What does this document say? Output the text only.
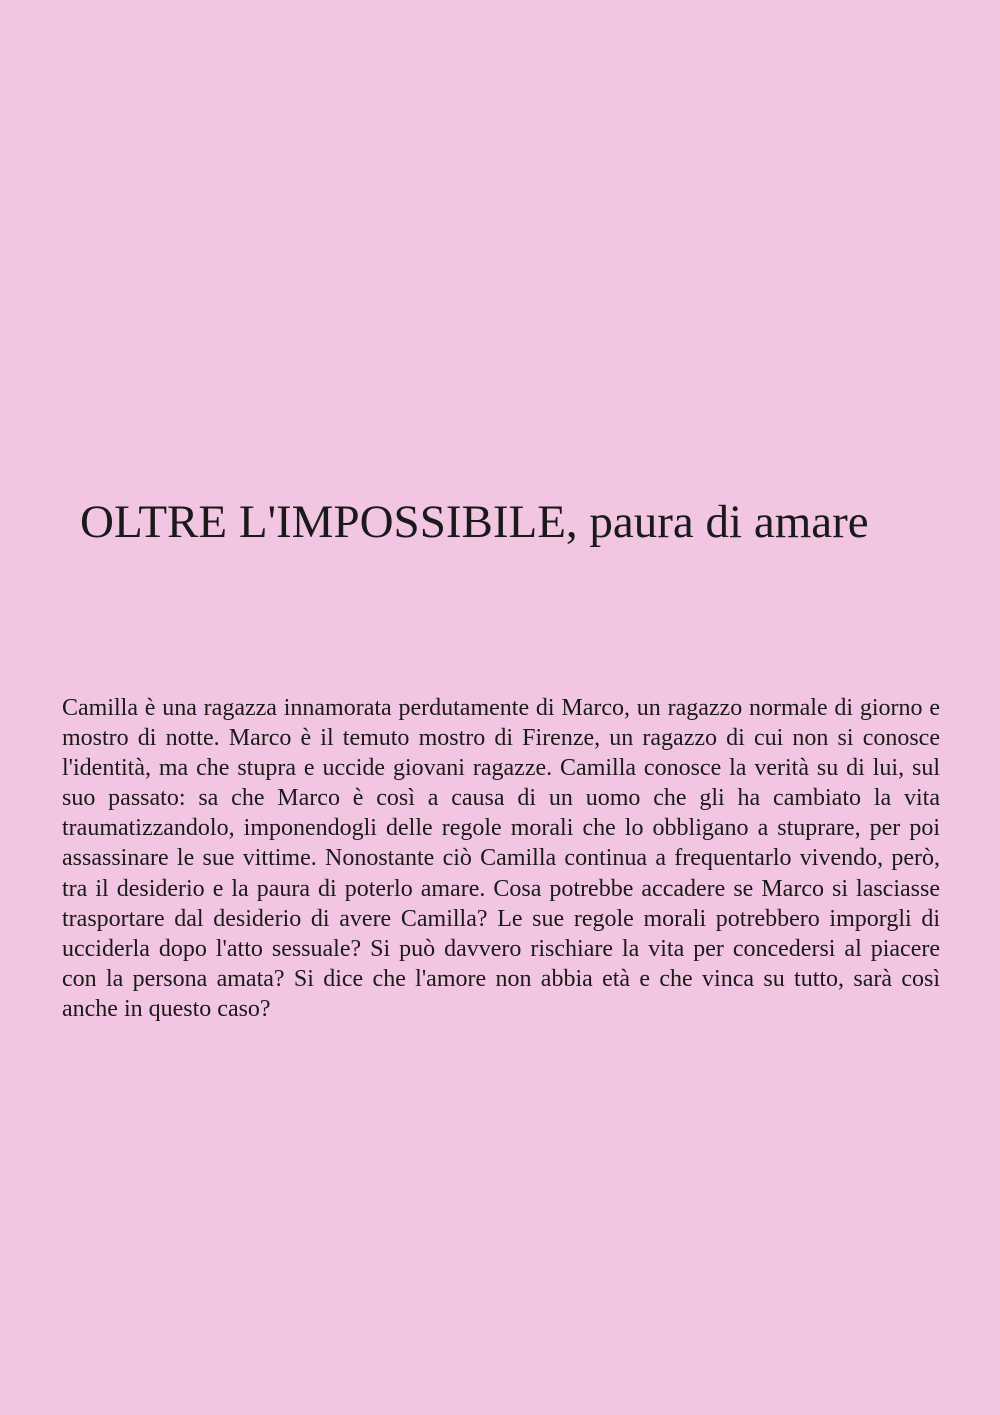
OLTRE L'IMPOSSIBILE, paura di amare

Camilla è una ragazza innamorata perdutamente di Marco, un ragazzo normale di giorno e mostro di notte. Marco è il temuto mostro di Firenze, un ragazzo di cui non si conosce l'identità, ma che stupra e uccide giovani ragazze. Camilla conosce la verità su di lui, sul suo passato: sa che Marco è così a causa di un uomo che gli ha cambiato la vita traumatizzandolo, imponendogli delle regole morali che lo obbligano a stuprare, per poi assassinare le sue vittime. Nonostante ciò Camilla continua a frequentarlo vivendo, però, tra il desiderio e la paura di poterlo amare. Cosa potrebbe accadere se Marco si lasciasse trasportare dal desiderio di avere Camilla? Le sue regole morali potrebbero imporgli di ucciderla dopo l'atto sessuale? Si può davvero rischiare la vita per concedersi al piacere con la persona amata? Si dice che l'amore non abbia età e che vinca su tutto, sarà così anche in questo caso?
